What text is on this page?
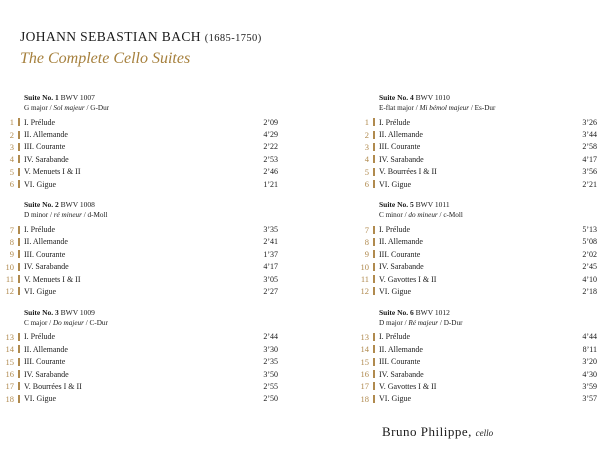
JOHANN SEBASTIAN BACH (1685-1750)
The Complete Cello Suites
Suite No. 1 BWV 1007
G major / Sol majeur / G-Dur
1 I. Prélude	2’09
2 II. Allemande	4’29
3 III. Courante	2’22
4 IV. Sarabande	2’53
5 V. Menuets I & II	2’46
6 VI. Gigue	1’21
Suite No. 2 BWV 1008
D minor / ré mineur / d-Moll
7 I. Prélude	3’35
8 II. Allemande	2’41
9 III. Courante	1’37
10 IV. Sarabande	4’17
11 V. Menuets I & II	3’05
12 VI. Gigue	2’27
Suite No. 3 BWV 1009
C major / Do majeur / C-Dur
13 I. Prélude	2’44
14 II. Allemande	3’30
15 III. Courante	2’35
16 IV. Sarabande	3’50
17 V. Bourrées I & II	2’55
18 VI. Gigue	2’50
Suite No. 4 BWV 1010
E-flat major / Mi bémol majeur / Es-Dur
1 I. Prélude	3’26
2 II. Allemande	3’44
3 III. Courante	2’58
4 IV. Sarabande	4’17
5 V. Bourrées I & II	3’56
6 VI. Gigue	2’21
Suite No. 5 BWV 1011
C minor / do mineur / c-Moll
7 I. Prélude	5’13
8 II. Allemande	5’08
9 III. Courante	2’02
10 IV. Sarabande	2’45
11 V. Gavottes I & II	4’10
12 VI. Gigue	2’18
Suite No. 6 BWV 1012
D major / Ré majeur / D-Dur
13 I. Prélude	4’44
14 II. Allemande	8’11
15 III. Courante	3’20
16 IV. Sarabande	4’30
17 V. Gavottes I & II	3’59
18 VI. Gigue	3’57
Bruno Philippe, cello
